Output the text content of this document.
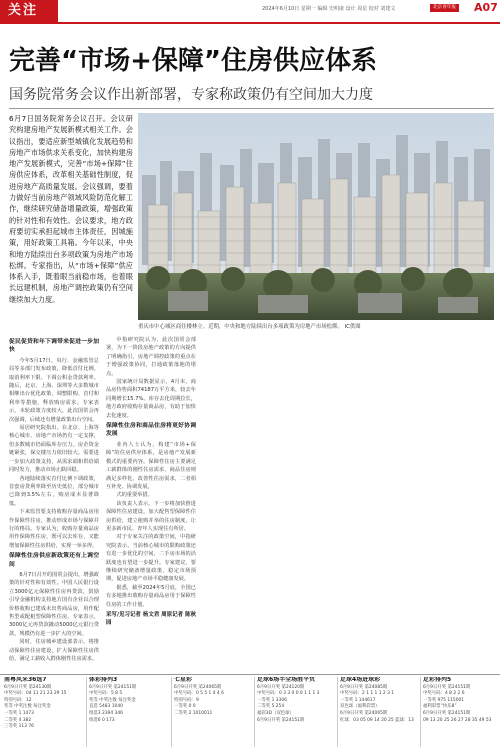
关注	2024年6月10日 星期一 编辑 史明康 设计 周星 校对 刘建文	北京青年报 A07
完善“市场+保障”住房供应体系
国务院常务会议作出新部署，专家称政策仍有空间加大力度
6月7日国务院常务会议召开。会议研究构建房地产发展新模式相关工作。会议指出，要适应新型城镇化发展趋势和房地产市场供求关系变化，加快构建房地产发展新模式，完善“市场+保障”住房供应体系，改革相关基础性制度，促进房地产高质量发展。会议强调，要着力做好当前房地产领域风险防范化解工作，继续研究储备增量政策，增强政策的针对性和有效性。会议要求，地方政府要切实承担起城市主体责任，因城施策，用好政策工具箱。今年以来，中央和地方陆续出台多项政策为房地产市场松绑。专家指出，从“市场+保障”供应体系入手，既着眼当前稳市场，也着眼长远建机制，房地产调控政策仍有空间继续加大力度。
重庆市中心城区商住楼林立。近期，中央和地方陆续出台多项政策为房地产市场松绑。 IC供图
促民促贷和年下调带来促进一步加快

今年5月17日，央行、金融监管总局等多部门发布政策，降低首付比例、取消利率下限、下调公积金贷款利率。随后，北京、上海、深圳等大多数城市相继出台优化政策，调整限购、首付和利率等措施，释放购房需求。专家表示，本轮政策力度较大，此次国常会再次强调，后续还有增量政策出台空间。

易居研究院指出，在北京、上海等核心城市，房地产市场仍有一定支撑，但多数城市仍面临库存压力。房企资金链紧张，保交楼压力依旧较大。需要进一步加大政策支持，从需求端和供给端同时发力，推动市场止跌回稳。

各地陆续落实首付比例下调政策，首套房贷利率降至历史低位，部分城市已降到3.5%左右，购房成本显著降低。

下来监管要支持收购存量商品房用作保障性住房，推动形成市场与保障并行的格局。专家认为，收购存量商品房用作保障性住房，既可以去库存，又能增加保障性住房供给，实现一举多得。

保障性住房供应新政策还有上调空间

6月7日召开的国常会提出，增强政策的针对性和有效性。中国人民银行设立3000亿元保障性住房再贷款，鼓励引导金融机构支持地方国有企业以合理价格收购已建成未出售商品房，用作配售型或配租型保障性住房。专家表示，3000亿元再贷款撬动5000亿元银行贷款，规模仍有进一步扩大的空间。

同时，住房城乡建设部表示，将推动保障性住房建设，扩大保障性住房供给，满足工薪收入群体刚性住房需求。

中指研究院认为，此次国常会部署，为下一阶段房地产政策的方向提供了明确指引，房地产调控政策的重点在于增强政策协同，打通政策落地的堵点。

国家统计局数据显示，4月末，商品房待售面积74187万平方米，较去年同期增长15.7%。库存去化周期拉长，地方政府收购存量商品房，有助于加快去化速度。

保障性住房和商品住房将更好协调发展

业内人士认为，构建“市场+保障”的住房供应体系，是房地产发展新模式的重要内容。保障性住房主要满足工薪群体的刚性住房需求，商品住房则满足多样化、改善性住房需求，二者相互补充、协调发展。

式的重要举措。

该负责人表示，下一步将加快推进保障性住房建设，加大配售型保障性住房供给，建立租购并举的住房制度，让更多新市民、青年人实现住有所居。

对于专家关注的政策空间，中指研究院表示，当前核心城市的限购政策还有进一步优化的空间，二手房市场的活跃度也有望进一步提升。专家建议，要继续研究储备增量政策，稳定市场预期，促进房地产市场平稳健康发展。

据悉，截至2024年5月底，全国已有多地推出收购存量商品房用于保障性住房的工作计划。

采写/见习记者 杨文君 周原记者 陈秋园
南粤风采36选7
6月9日开奖 第24130期
中奖号码：04 11 21 23 29 15
特别号码：12
奖等 中奖注数 每注奖金
一等奖 1 1473
二等奖 4 382
三等奖 113 76
体彩排列3
6月9日开奖 第24151期
中奖号码：5 8 5
奖等 中奖注数 每注奖金
直选 5483 1040
组选3 2394 346
组选6 0 173
七星彩
6月9日开奖 第24065期
中奖号码：0 5 5 1 4 4 6
特别号码：9
一等奖 0 0
二等奖 2 1010011
足球6场半全场胜平负
6月9日开奖 第24120期
中奖号码：0 3 3 0 0 0 1 1 1 3
一等奖 1 3306
二等奖 5 254
福彩3D（双色球）
6月9日开奖 第24151期
足球4场进球彩
6月9日开奖 第24085期
中奖号码：2 1 1 1 1 2 3 1
一等奖 1 144617
双色球（福利彩票）
6月9日开奖 第24065期
红球：03 05 09 14 20 25 蓝球：13
足彩排列5
6月9日开奖 第24151期
中奖号码：4 8 2 2 6
一等奖 975 115001
福利彩票“快乐8”
6月9日开奖 第24151期
09 13 20 25 26 27 28 35 49 53
